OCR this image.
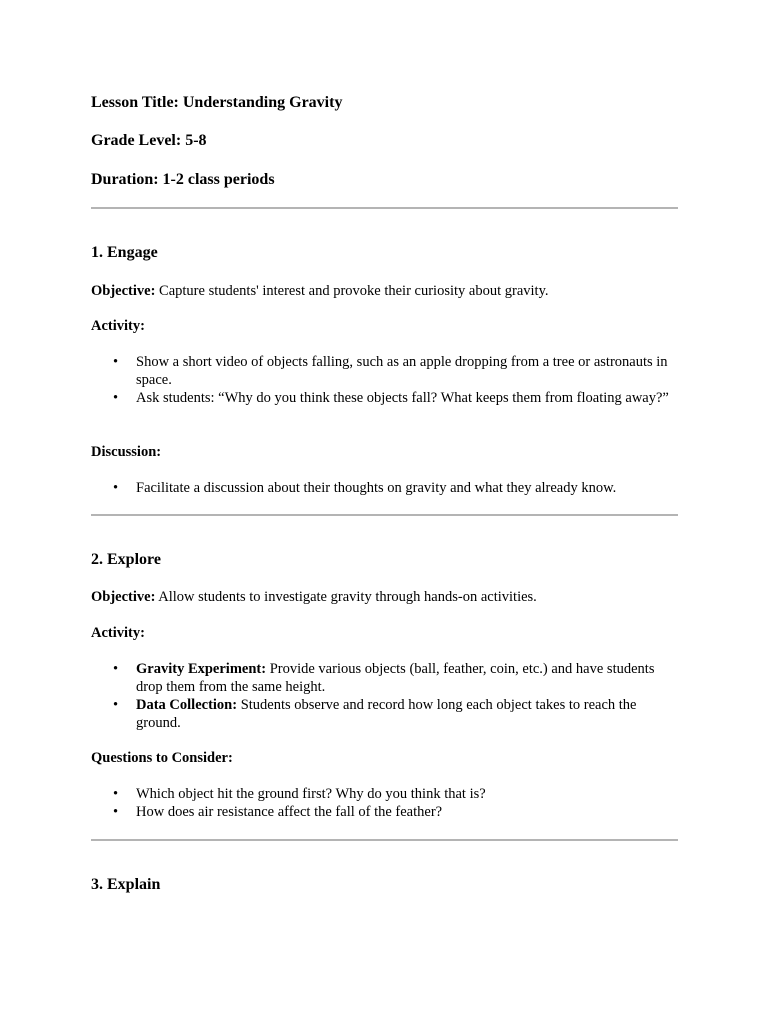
Lesson Title: Understanding Gravity
Grade Level: 5-8
Duration: 1-2 class periods
1. Engage
Objective: Capture students' interest and provoke their curiosity about gravity.
Activity:
• Show a short video of objects falling, such as an apple dropping from a tree or astronauts in space.
• Ask students: “Why do you think these objects fall? What keeps them from floating away?”
Discussion:
• Facilitate a discussion about their thoughts on gravity and what they already know.
2. Explore
Objective: Allow students to investigate gravity through hands-on activities.
Activity:
• Gravity Experiment: Provide various objects (ball, feather, coin, etc.) and have students drop them from the same height.
• Data Collection: Students observe and record how long each object takes to reach the ground.
Questions to Consider:
• Which object hit the ground first? Why do you think that is?
• How does air resistance affect the fall of the feather?
3. Explain
